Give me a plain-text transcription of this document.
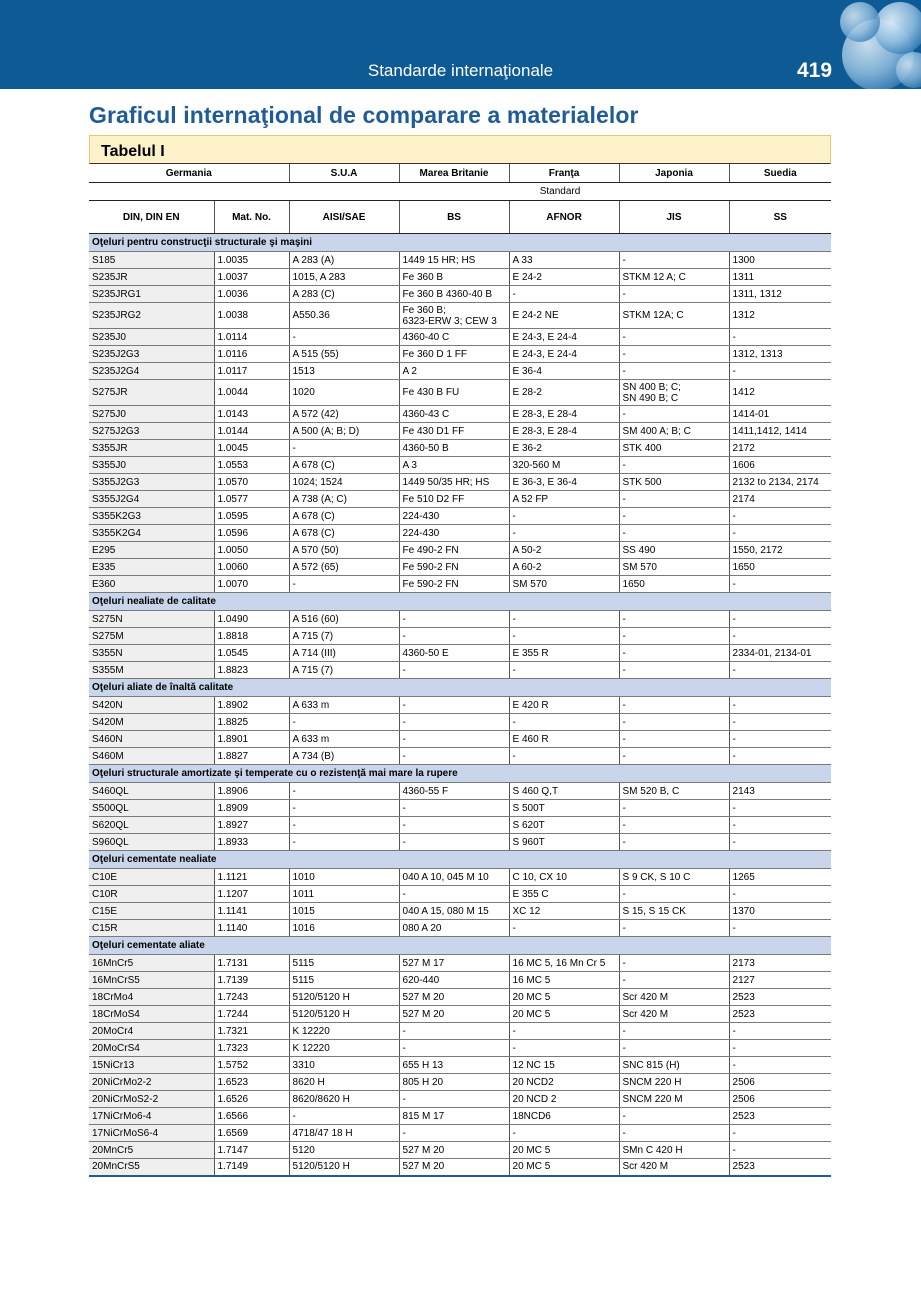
Standarde internaţionale	419
Graficul internaţional de comparare a materialelor
Tabelul I
Germania		S.U.A	Marea Britanie	Franţa	Japonia	Suedia
		Standard				
DIN, DIN EN	Mat. No.	AISI/SAE	BS	AFNOR	JIS	SS
Oţeluri pentru construcţii structurale şi maşini						
S185	1.0035	A 283 (A)	1449 15 HR; HS	A 33	-	1300
S235JR	1.0037	1015, A 283	Fe 360 B	E 24-2	STKM 12 A; C	1311
S235JRG1	1.0036	A 283 (C)	Fe 360 B 4360-40 B	-	-	1311, 1312
S235JRG2	1.0038	A550.36	Fe 360 B;
6323-ERW 3; CEW 3	E 24-2 NE	STKM 12A; C	1312
S235J0	1.0114	-	4360-40 C	E 24-3, E 24-4	-	-
S235J2G3	1.0116	A 515 (55)	Fe 360 D 1 FF	E 24-3, E 24-4	-	1312, 1313
S235J2G4	1.0117	1513	A 2	E 36-4	-	-
S275JR	1.0044	1020	Fe 430 B FU	E 28-2	SN 400 B; C;
SN 490 B; C	1412
S275J0	1.0143	A 572 (42)	4360-43 C	E 28-3, E 28-4	-	1414-01
S275J2G3	1.0144	A 500 (A; B; D)	Fe 430 D1 FF	E 28-3, E 28-4	SM 400 A; B; C	1411,1412, 1414
S355JR	1.0045	-	4360-50 B	E 36-2	STK 400	2172
S355J0	1.0553	A 678 (C)	A 3	320-560 M	-	1606
S355J2G3	1.0570	1024; 1524	1449 50/35 HR; HS	E 36-3, E 36-4	STK 500	2132 to 2134, 2174
S355J2G4	1.0577	A 738 (A; C)	Fe 510 D2 FF	A 52 FP	-	2174
S355K2G3	1.0595	A 678 (C)	224-430	-	-	-
S355K2G4	1.0596	A 678 (C)	224-430	-	-	-
E295	1.0050	A 570 (50)	Fe 490-2 FN	A 50-2	SS 490	1550, 2172
E335	1.0060	A 572 (65)	Fe 590-2 FN	A 60-2	SM 570	1650
E360	1.0070	-	Fe 590-2 FN	SM 570	1650	-
Oţeluri nealiate de calitate						
S275N	1.0490	A 516 (60)	-	-	-	-
S275M	1.8818	A 715 (7)	-	-	-	-
S355N	1.0545	A 714 (III)	4360-50 E	E 355 R	-	2334-01, 2134-01
S355M	1.8823	A 715 (7)	-	-	-	-
Oţeluri aliate de înaltă calitate						
S420N	1.8902	A 633 m	-	E 420 R	-	-
S420M	1.8825	-	-	-	-	-
S460N	1.8901	A 633 m	-	E 460 R	-	-
S460M	1.8827	A 734 (B)	-	-	-	-
Oţeluri structurale amortizate şi temperate cu o rezistenţă mai mare la rupere						
S460QL	1.8906	-	4360-55 F	S 460 Q,T	SM 520 B, C	2143
S500QL	1.8909	-	-	S 500T	-	-
S620QL	1.8927	-	-	S 620T	-	-
S960QL	1.8933	-	-	S 960T	-	-
Oţeluri cementate nealiate						
C10E	1.1121	1010	040 A 10, 045 M 10	C 10, CX 10	S 9 CK, S 10 C	1265
C10R	1.1207	1011	-	E 355 C	-	-
C15E	1.1141	1015	040 A 15, 080 M 15	XC 12	S 15, S 15 CK	1370
C15R	1.1140	1016	080 A 20	-	-	-
Oţeluri cementate aliate						
16MnCr5	1.7131	5115	527 M 17	16 MC 5, 16 Mn Cr 5	-	2173
16MnCrS5	1.7139	5115	620-440	16 MC 5	-	2127
18CrMo4	1.7243	5120/5120 H	527 M 20	20 MC 5	Scr 420 M	2523
18CrMoS4	1.7244	5120/5120 H	527 M 20	20 MC 5	Scr 420 M	2523
20MoCr4	1.7321	K 12220	-	-	-	-
20MoCrS4	1.7323	K 12220	-	-	-	-
15NiCr13	1.5752	3310	655 H 13	12 NC 15	SNC 815 (H)	-
20NiCrMo2-2	1.6523	8620 H	805 H 20	20 NCD2	SNCM 220 H	2506
20NiCrMoS2-2	1.6526	8620/8620 H	-	20 NCD 2	SNCM 220 M	2506
17NiCrMo6-4	1.6566	-	815 M 17	18NCD6	-	2523
17NiCrMoS6-4	1.6569	4718/47 18 H	-	-	-	-
20MnCr5	1.7147	5120	527 M 20	20 MC 5	SMn C 420 H	-
20MnCrS5	1.7149	5120/5120 H	527 M 20	20 MC 5	Scr 420 M	2523
